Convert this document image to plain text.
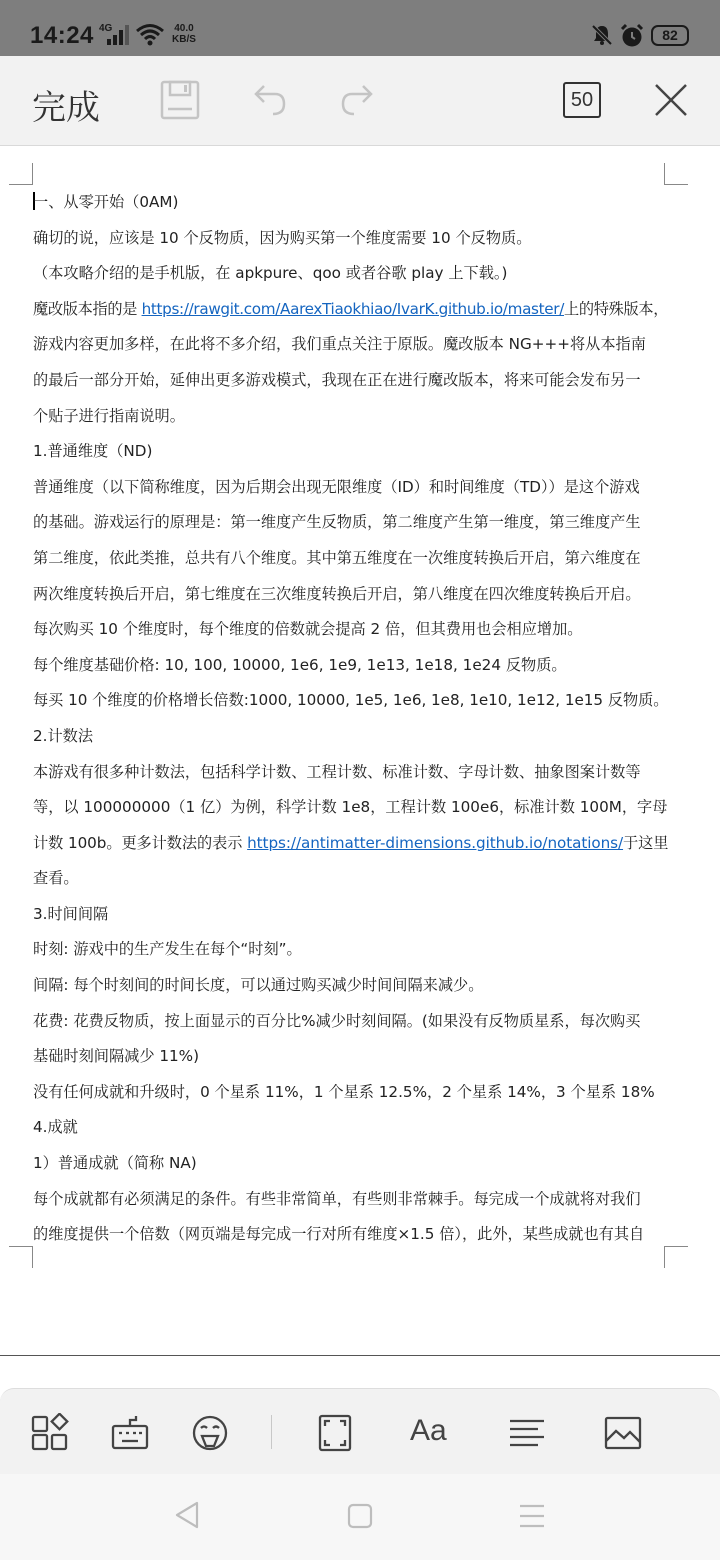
14:24 4G	40.0
KB/S	82
完成	50
一、从零开始（0AM)
确切的说，应该是 10 个反物质，因为购买第一个维度需要 10 个反物质。
（本攻略介绍的是手机版，在 apkpure、qoo 或者谷歌 play 上下载。)
魔改版本指的是 https://rawgit.com/AarexTiaokhiao/IvarK.github.io/master/上的特殊版本，
游戏内容更加多样，在此将不多介绍，我们重点关注于原版。魔改版本 NG+++将从本指南
的最后一部分开始，延伸出更多游戏模式，我现在正在进行魔改版本，将来可能会发布另一
个贴子进行指南说明。
1.普通维度（ND)
普通维度（以下简称维度，因为后期会出现无限维度（ID）和时间维度（TD））是这个游戏
的基础。游戏运行的原理是：第一维度产生反物质，第二维度产生第一维度，第三维度产生
第二维度，依此类推，总共有八个维度。其中第五维度在一次维度转换后开启，第六维度在
两次维度转换后开启，第七维度在三次维度转换后开启，第八维度在四次维度转换后开启。
每次购买 10 个维度时，每个维度的倍数就会提高 2 倍，但其费用也会相应增加。
每个维度基础价格: 10, 100, 10000, 1e6, 1e9, 1e13, 1e18, 1e24 反物质。
每买 10 个维度的价格增长倍数:1000, 10000, 1e5, 1e6, 1e8, 1e10, 1e12, 1e15 反物质。
2.计数法
本游戏有很多种计数法，包括科学计数、工程计数、标准计数、字母计数、抽象图案计数等
等，以 100000000（1 亿）为例，科学计数 1e8，工程计数 100e6，标准计数 100M，字母
计数 100b。更多计数法的表示 https://antimatter-dimensions.github.io/notations/于这里
查看。
3.时间间隔
时刻: 游戏中的生产发生在每个“时刻”。
间隔: 每个时刻间的时间长度，可以通过购买减少时间间隔来减少。
花费: 花费反物质，按上面显示的百分比%减少时刻间隔。(如果没有反物质星系，每次购买
基础时刻间隔减少 11%)
没有任何成就和升级时，0 个星系 11%，1 个星系 12.5%，2 个星系 14%，3 个星系 18%
4.成就
1）普通成就（简称 NA)
每个成就都有必须满足的条件。有些非常简单，有些则非常棘手。每完成一个成就将对我们
的维度提供一个倍数（网页端是每完成一行对所有维度×1.5 倍），此外，某些成就也有其自
Aa
